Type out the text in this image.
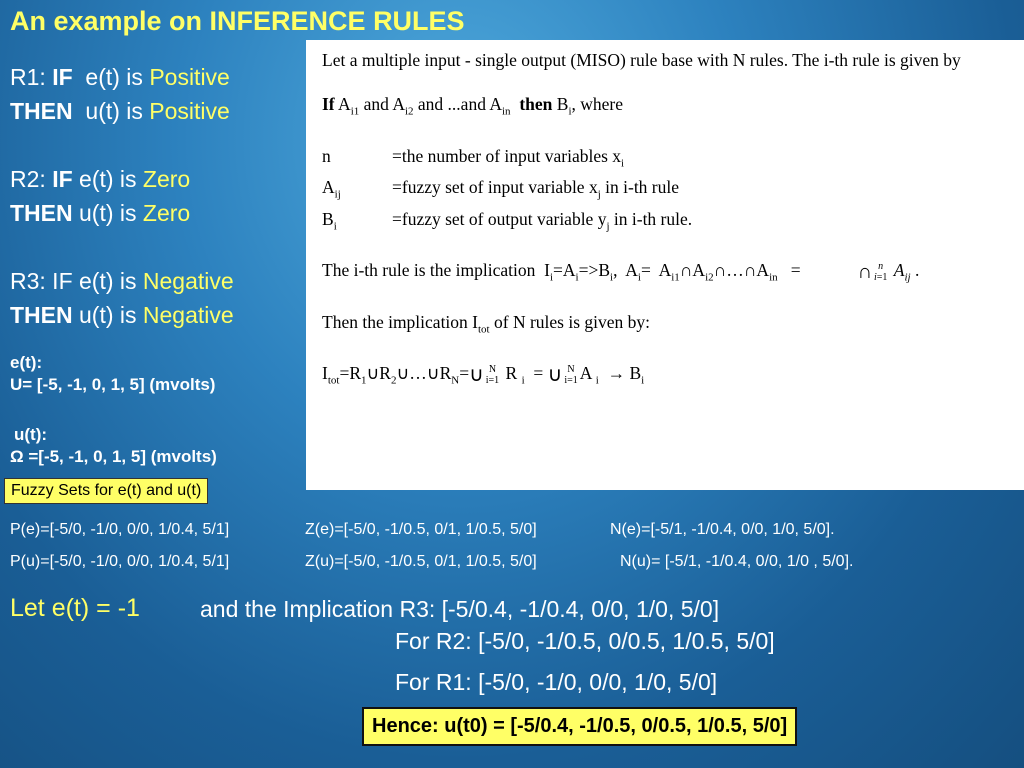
An example on INFERENCE RULES
R1: IF e(t) is Positive
THEN u(t) is Positive
R2: IF e(t) is Zero
THEN u(t) is Zero
R3: IF e(t) is Negative
THEN u(t) is Negative
e(t):
U= [-5, -1, 0, 1, 5] (mvolts)
u(t):
Ω =[-5, -1, 0, 1, 5] (mvolts)

Let a multiple input - single output (MISO) rule base with N rules. The i-th rule is given by

If $A_{i1}$ and $A_{i2}$ and ...and $A_{in}$ then $B_i$, where

n	=the number of input variables $x_i$
$A_{ij}$	=fuzzy set of input variable $x_j$ in i-th rule
$B_i$	=fuzzy set of output variable $y_j$ in i-th rule.

The i-th rule is the implication  $I_i=A_i=>B_i$,  $A_i=$  $A_{i1}\cap A_{i2}\cap\dots\cap A_{in}$   =             ∩ n
i=1 $A_{ij}$ .

Then the implication $I_{tot}$ of N rules is given by:

$I_{tot}=R_1\cup R_2\cup\dots\cup R_N=\cup$ N
i=1 R $_i$  = ∪ N
i=1 A $_i \to B_i$

Fuzzy Sets for e(t) and u(t)
P(e)=[-5/0, -1/0, 0/0, 1/0.4, 5/1]	Z(e)=[-5/0, -1/0.5, 0/1, 1/0.5, 5/0]	N(e)=[-5/1, -1/0.4, 0/0, 1/0, 5/0].
P(u)=[-5/0, -1/0, 0/0, 1/0.4, 5/1]	Z(u)=[-5/0, -1/0.5, 0/1, 1/0.5, 5/0]	N(u)= [-5/1, -1/0.4, 0/0, 1/0 , 5/0].
Let e(t) = -1	and the Implication R3: [-5/0.4, -1/0.4, 0/0, 1/0, 5/0]
For R2: [-5/0, -1/0.5, 0/0.5, 1/0.5, 5/0]
For R1: [-5/0, -1/0, 0/0, 1/0, 5/0]
Hence: u(t0) = [-5/0.4, -1/0.5, 0/0.5, 1/0.5, 5/0]
